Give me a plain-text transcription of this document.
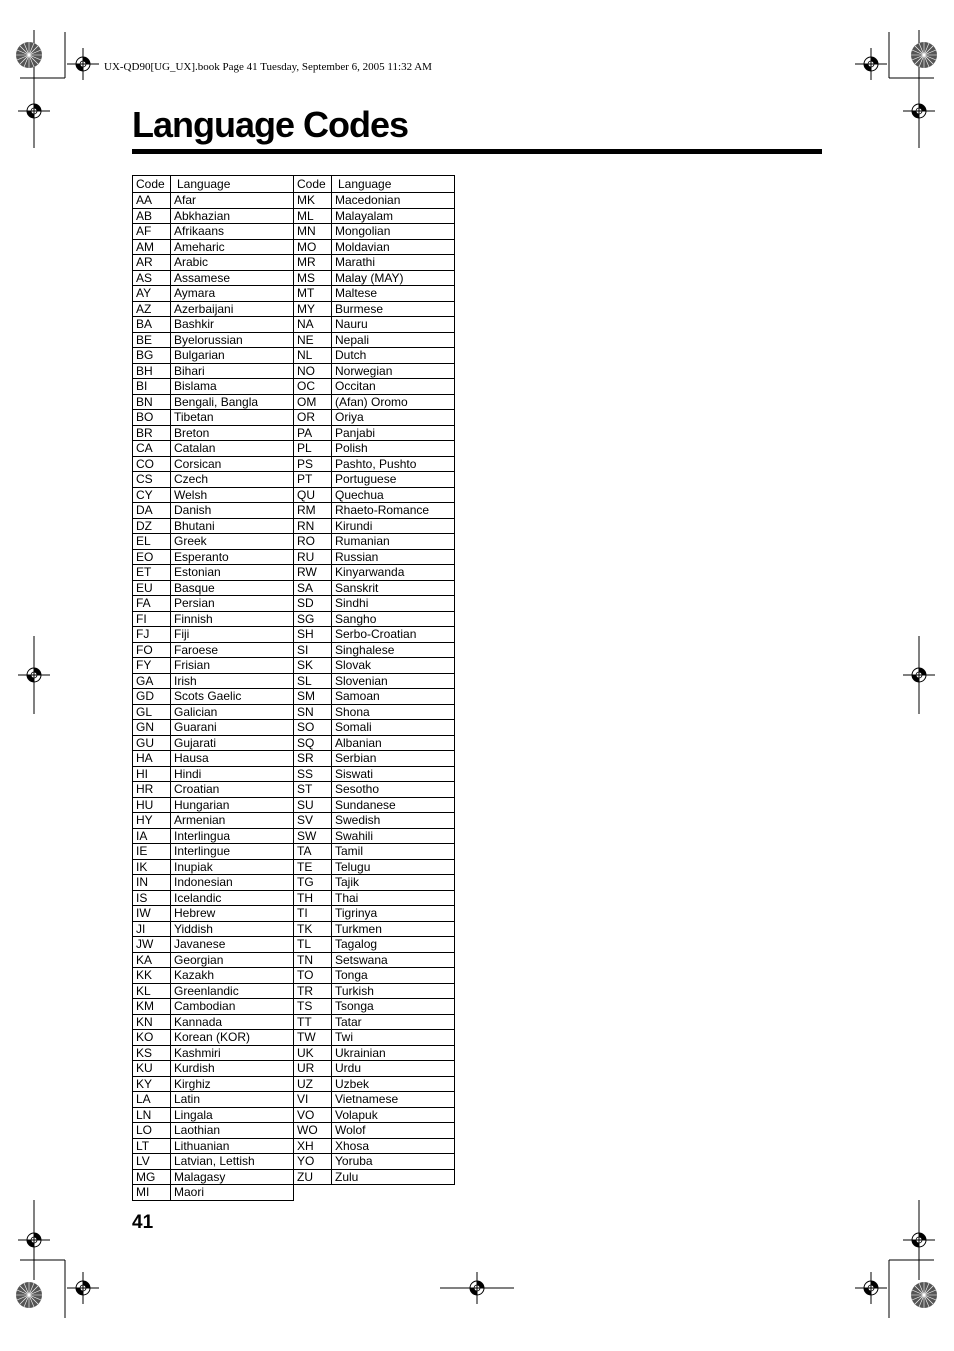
UX-QD90[UG_UX].book Page 41 Tuesday, September 6, 2005 11:32 AM
Language Codes
Code	Language
AA	Afar
AB	Abkhazian
AF	Afrikaans
AM	Ameharic
AR	Arabic
AS	Assamese
AY	Aymara
AZ	Azerbaijani
BA	Bashkir
BE	Byelorussian
BG	Bulgarian
BH	Bihari
BI	Bislama
BN	Bengali, Bangla
BO	Tibetan
BR	Breton
CA	Catalan
CO	Corsican
CS	Czech
CY	Welsh
DA	Danish
DZ	Bhutani
EL	Greek
EO	Esperanto
ET	Estonian
EU	Basque
FA	Persian
FI	Finnish
FJ	Fiji
FO	Faroese
FY	Frisian
GA	Irish
GD	Scots Gaelic
GL	Galician
GN	Guarani
GU	Gujarati
HA	Hausa
HI	Hindi
HR	Croatian
HU	Hungarian
HY	Armenian
IA	Interlingua
IE	Interlingue
IK	Inupiak
IN	Indonesian
IS	Icelandic
IW	Hebrew
JI	Yiddish
JW	Javanese
KA	Georgian
KK	Kazakh
KL	Greenlandic
KM	Cambodian
KN	Kannada
KO	Korean (KOR)
KS	Kashmiri
KU	Kurdish
KY	Kirghiz
LA	Latin
LN	Lingala
LO	Laothian
LT	Lithuanian
LV	Latvian, Lettish
MG	Malagasy
MI	Maori
Code	Language
MK	Macedonian
ML	Malayalam
MN	Mongolian
MO	Moldavian
MR	Marathi
MS	Malay (MAY)
MT	Maltese
MY	Burmese
NA	Nauru
NE	Nepali
NL	Dutch
NO	Norwegian
OC	Occitan
OM	(Afan) Oromo
OR	Oriya
PA	Panjabi
PL	Polish
PS	Pashto, Pushto
PT	Portuguese
QU	Quechua
RM	Rhaeto-Romance
RN	Kirundi
RO	Rumanian
RU	Russian
RW	Kinyarwanda
SA	Sanskrit
SD	Sindhi
SG	Sangho
SH	Serbo-Croatian
SI	Singhalese
SK	Slovak
SL	Slovenian
SM	Samoan
SN	Shona
SO	Somali
SQ	Albanian
SR	Serbian
SS	Siswati
ST	Sesotho
SU	Sundanese
SV	Swedish
SW	Swahili
TA	Tamil
TE	Telugu
TG	Tajik
TH	Thai
TI	Tigrinya
TK	Turkmen
TL	Tagalog
TN	Setswana
TO	Tonga
TR	Turkish
TS	Tsonga
TT	Tatar
TW	Twi
UK	Ukrainian
UR	Urdu
UZ	Uzbek
VI	Vietnamese
VO	Volapuk
WO	Wolof
XH	Xhosa
YO	Yoruba
ZU	Zulu
41
